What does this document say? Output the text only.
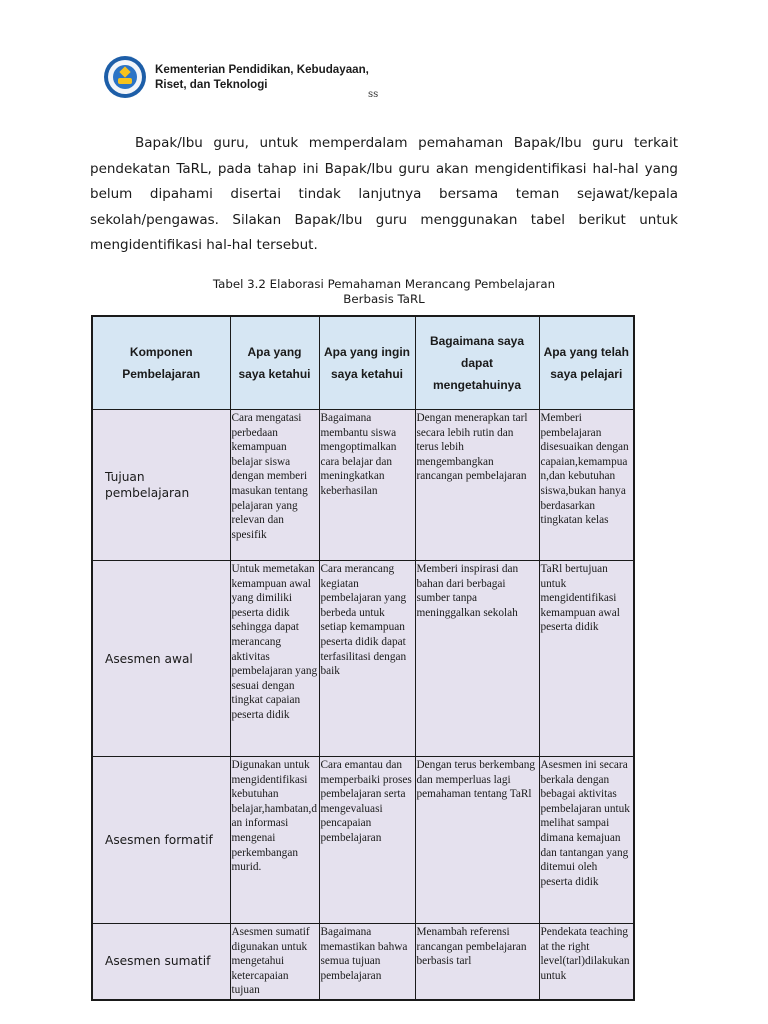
Kementerian Pendidikan, Kebudayaan,
Riset, dan Teknologi
ss

Bapak/Ibu guru, untuk memperdalam pemahaman Bapak/Ibu guru terkait pendekatan TaRL, pada tahap ini Bapak/Ibu guru akan mengidentifikasi hal-hal yang belum dipahami disertai tindak lanjutnya bersama teman sejawat/kepala sekolah/pengawas. Silakan Bapak/Ibu guru menggunakan tabel berikut untuk mengidentifikasi hal-hal tersebut.

Tabel 3.2 Elaborasi Pemahaman Merancang Pembelajaran
Berbasis TaRL
Komponen Pembelajaran	Apa yang saya ketahui	Apa yang ingin saya ketahui	Bagaimana saya dapat mengetahuinya	Apa yang telah saya pelajari
Tujuan pembelajaran	Cara mengatasi perbedaan kemampuan belajar siswa dengan memberi masukan tentang pelajaran yang relevan dan spesifik	Bagaimana membantu siswa mengoptimalkan cara belajar dan meningkatkan keberhasilan	Dengan menerapkan tarl secara lebih rutin dan terus lebih mengembangkan rancangan pembelajaran	Memberi pembelajaran disesuaikan dengan capaian,kemampuan,dan kebutuhan siswa,bukan hanya berdasarkan tingkatan kelas
Asesmen awal	Untuk memetakan kemampuan awal yang dimiliki peserta didik sehingga dapat merancang aktivitas pembelajaran yang sesuai dengan tingkat capaian peserta didik	Cara merancang kegiatan pembelajaran yang berbeda untuk setiap kemampuan peserta didik dapat terfasilitasi dengan baik	Memberi inspirasi dan bahan dari berbagai sumber tanpa meninggalkan sekolah	TaRl bertujuan untuk mengidentifikasi kemampuan awal peserta didik
Asesmen formatif	Digunakan untuk mengidentifikasi kebutuhan belajar,hambatan,dan informasi mengenai perkembangan murid.	Cara emantau dan memperbaiki proses pembelajaran serta mengevaluasi pencapaian pembelajaran	Dengan terus berkembang dan memperluas lagi pemahaman tentang TaRl	Asesmen ini secara berkala dengan bebagai aktivitas pembelajaran untuk melihat sampai dimana kemajuan dan tantangan yang ditemui oleh peserta didik
Asesmen sumatif	Asesmen sumatif digunakan untuk mengetahui ketercapaian tujuan	Bagaimana memastikan bahwa semua tujuan pembelajaran	Menambah referensi rancangan pembelajaran berbasis tarl	Pendekata teaching at the right level(tarl)dilakukan untuk
